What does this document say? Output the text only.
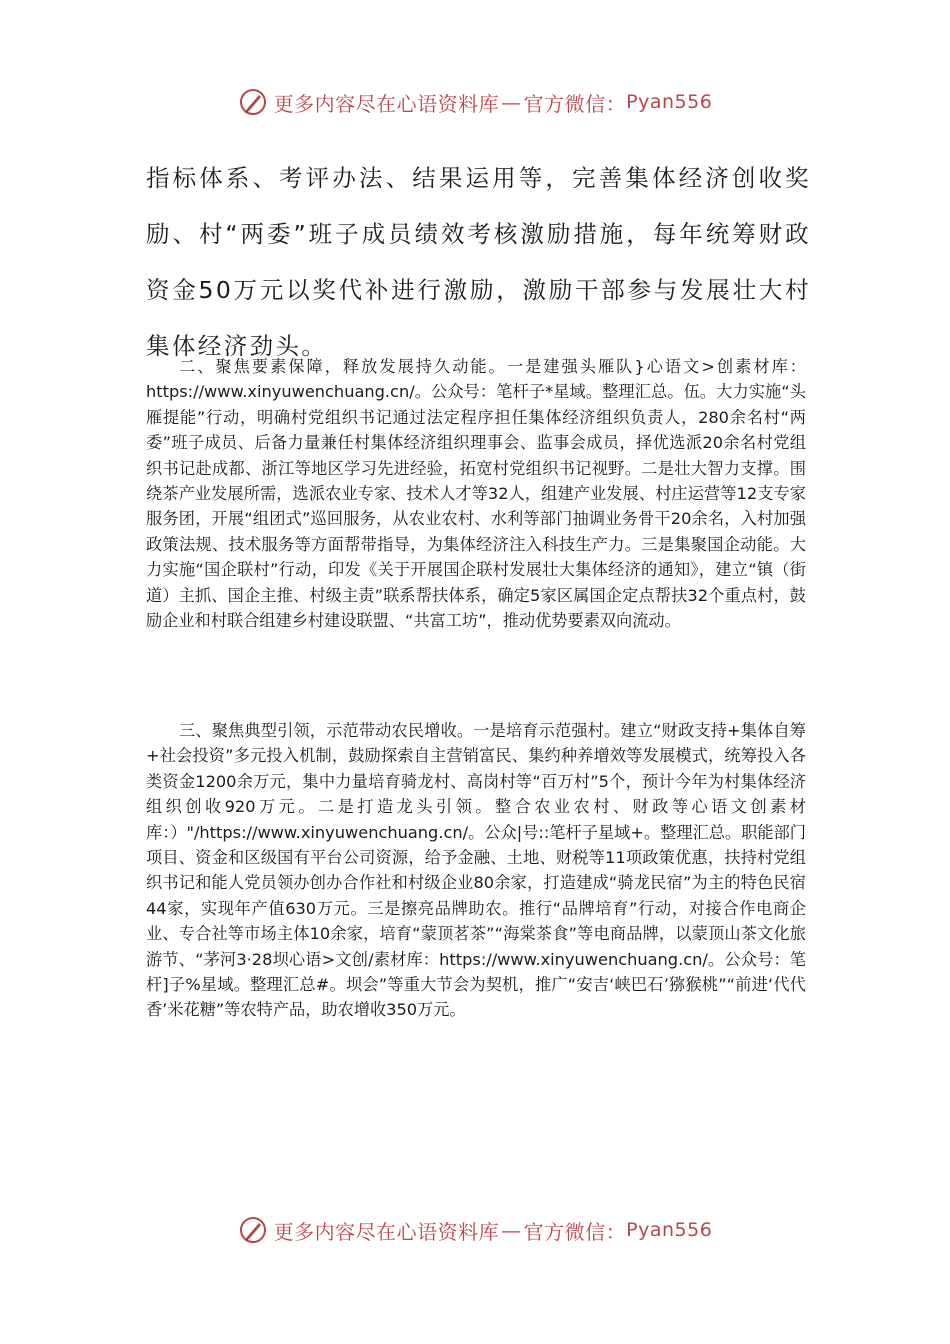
更多内容尽在心语资料库 — 官方微信： Pyan556
指标体系、考评办法、结果运用等，完善集体经济创收奖励、村“两委”班子成员绩效考核激励措施，每年统筹财政资金50万元以奖代补进行激励，激励干部参与发展壮大村集体经济劲头。

二、聚焦要素保障，释放发展持久动能。一是建强头雁队}心语文>创素材库：https://www.xinyuwenchuang.cn/。公众号：笔杆子*星域。整理汇总。伍。大力实施“头雁提能”行动，明确村党组织书记通过法定程序担任集体经济组织负责人，280余名村“两委”班子成员、后备力量兼任村集体经济组织理事会、监事会成员，择优选派20余名村党组织书记赴成都、浙江等地区学习先进经验，拓宽村党组织书记视野。二是壮大智力支撑。围绕茶产业发展所需，选派农业专家、技术人才等32人，组建产业发展、村庄运营等12支专家服务团，开展“组团式”巡回服务，从农业农村、水利等部门抽调业务骨干20余名，入村加强政策法规、技术服务等方面帮带指导，为集体经济注入科技生产力。三是集聚国企动能。大力实施“国企联村”行动，印发《关于开展国企联村发展壮大集体经济的通知》，建立“镇（街道）主抓、国企主推、村级主责”联系帮扶体系，确定5家区属国企定点帮扶32个重点村，鼓励企业和村联合组建乡村建设联盟、“共富工坊”，推动优势要素双向流动。

三、聚焦典型引领，示范带动农民增收。一是培育示范强村。建立“财政支持+集体自筹+社会投资”多元投入机制，鼓励探索自主营销富民、集约种养增效等发展模式，统筹投入各类资金1200余万元，集中力量培育骑龙村、高岗村等“百万村”5个，预计今年为村集体经济组织创收920万元。二是打造龙头引领。整合农业农村、财政等心语文创素材库：）"/https://www.xinyuwenchuang.cn/。公众|号::笔杆子星域+。整理汇总。职能部门项目、资金和区级国有平台公司资源，给予金融、土地、财税等11项政策优惠，扶持村党组织书记和能人党员领办创办合作社和村级企业80余家，打造建成“骑龙民宿”为主的特色民宿44家，实现年产值630万元。三是擦亮品牌助农。推行“品牌培育”行动，对接合作电商企业、专合社等市场主体10余家，培育“蒙顶茗茶”“海棠茶食”等电商品牌，以蒙顶山茶文化旅游节、“茅河3·28坝心语>文创/素材库：https://www.xinyuwenchuang.cn/。公众号：笔杆]子%星域。整理汇总#。坝会”等重大节会为契机，推广“安吉‘峡巴石’猕猴桃”“前进‘代代香’米花糖”等农特产品，助农增收350万元。

更多内容尽在心语资料库 — 官方微信： Pyan556
